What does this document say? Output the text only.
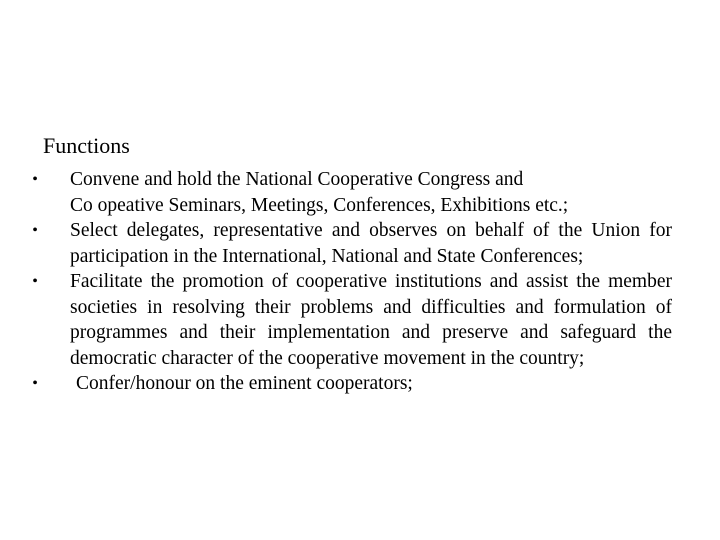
Functions
• Convene and hold the National Cooperative Congress and
Co opeative Seminars, Meetings, Conferences, Exhibitions etc.;
• Select delegates, representative and observes on behalf of the Union for participation in the International, National and State Conferences;
• Facilitate the promotion of cooperative institutions and assist the member societies in resolving their problems and difficulties and formulation of programmes and their implementation and preserve and safeguard the democratic character of the cooperative movement in the country;
•	Confer/honour on the eminent cooperators;
